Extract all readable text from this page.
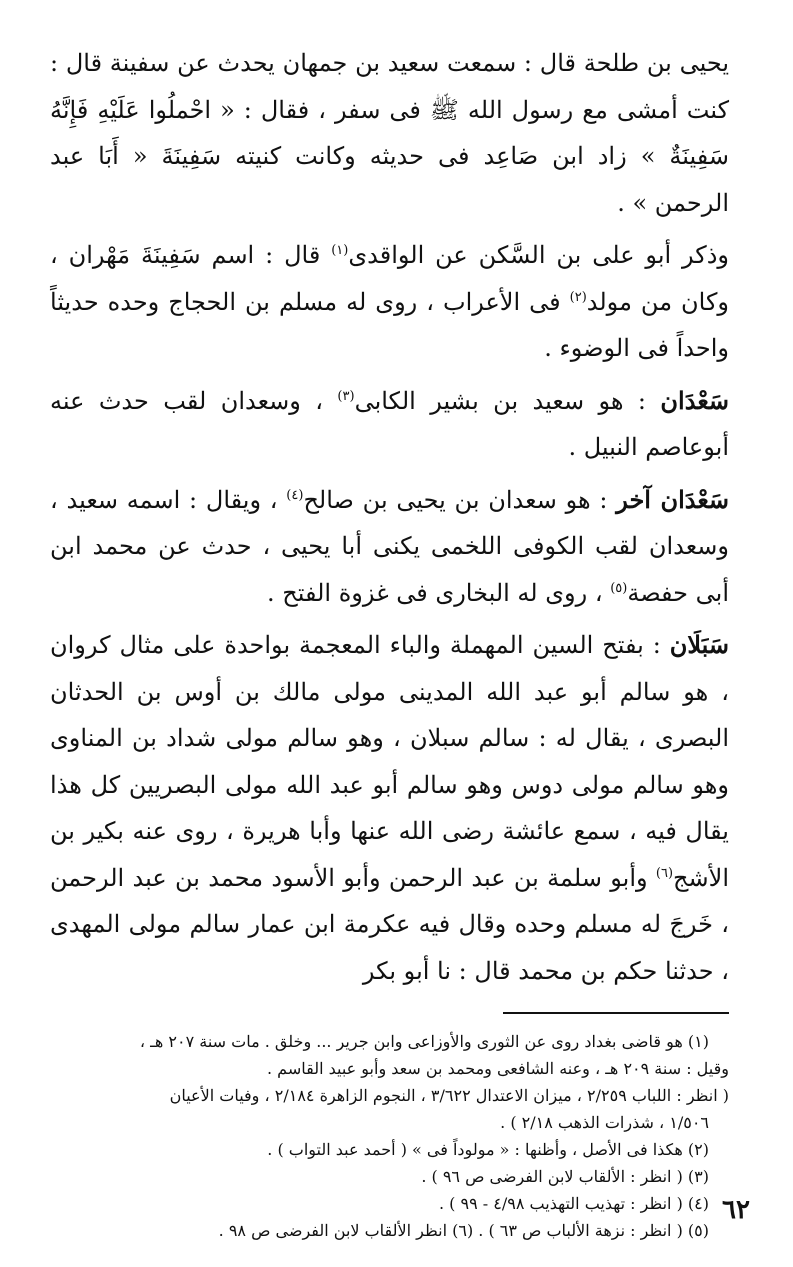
يحيى بن طلحة قال : سمعت سعيد بن جمهان يحدث عن سفينة قال : كنت أمشى مع رسول الله ﷺ فى سفر ، فقال : « احْملُوا عَلَيْهِ فَإِنَّهُ سَفِينَةٌ » زاد ابن صَاعِد فى حديثه وكانت كنيته سَفِينَةَ « أَبَا عبد الرحمن » .

وذكر أبو على بن السَّكن عن الواقدى$^{(١)}$ قال : اسم سَفِينَةَ مَهْران ، وكان من مولد$^{(٢)}$ فى الأعراب ، روى له مسلم بن الحجاج وحده حديثاً واحداً فى الوضوء .

سَعْدَان : هو سعيد بن بشير الكابى$^{(٣)}$ ، وسعدان لقب حدث عنه أبوعاصم النبيل .

سَعْدَان آخر : هو سعدان بن يحيى بن صالح$^{(٤)}$ ، ويقال : اسمه سعيد ، وسعدان لقب الكوفى اللخمى يكنى أبا يحيى ، حدث عن محمد ابن أبى حفصة$^{(٥)}$ ، روى له البخارى فى غزوة الفتح .

سَبَلَان : بفتح السين المهملة والباء المعجمة بواحدة على مثال كروان ، هو سالم أبو عبد الله المدينى مولى مالك بن أوس بن الحدثان البصرى ، يقال له : سالم سبلان ، وهو سالم مولى شداد بن المناوى وهو سالم مولى دوس وهو سالم أبو عبد الله مولى البصريين كل هذا يقال فيه ، سمع عائشة رضى الله عنها وأبا هريرة ، روى عنه بكير بن الأشج$^{(٦)}$ وأبو سلمة بن عبد الرحمن وأبو الأسود محمد بن عبد الرحمن ، خَرجَ له مسلم وحده وقال فيه عكرمة ابن عمار سالم مولى المهدى ، حدثنا حكم بن محمد قال : نا أبو بكر

(١) هو قاضى بغداد روى عن الثورى والأوزاعى وابن جرير ... وخلق . مات سنة ٢٠٧ هـ ،

وقيل : سنة ٢٠٩ هـ ، وعنه الشافعى ومحمد بن سعد وأبو عبيد القاسم .

( انظر : اللباب ٢/٢٥٩ ، ميزان الاعتدال ٣/٦٢٢ ، النجوم الزاهرة ٢/١٨٤ ، وفيات الأعيان

١/٥٠٦ ، شذرات الذهب ٢/١٨ ) .

(٢) هكذا فى الأصل ، وأظنها : « مولوداً فى » ( أحمد عبد التواب ) .

(٣) ( انظر : الألقاب لابن الفرضى ص ٩٦ ) .

(٤) ( انظر : تهذيب التهذيب ٤/٩٨ - ٩٩ ) .

(٥) ( انظر : نزهة الألباب ص ٦٣ ) . (٦) انظر الألقاب لابن الفرضى ص ٩٨ .

٦٢
